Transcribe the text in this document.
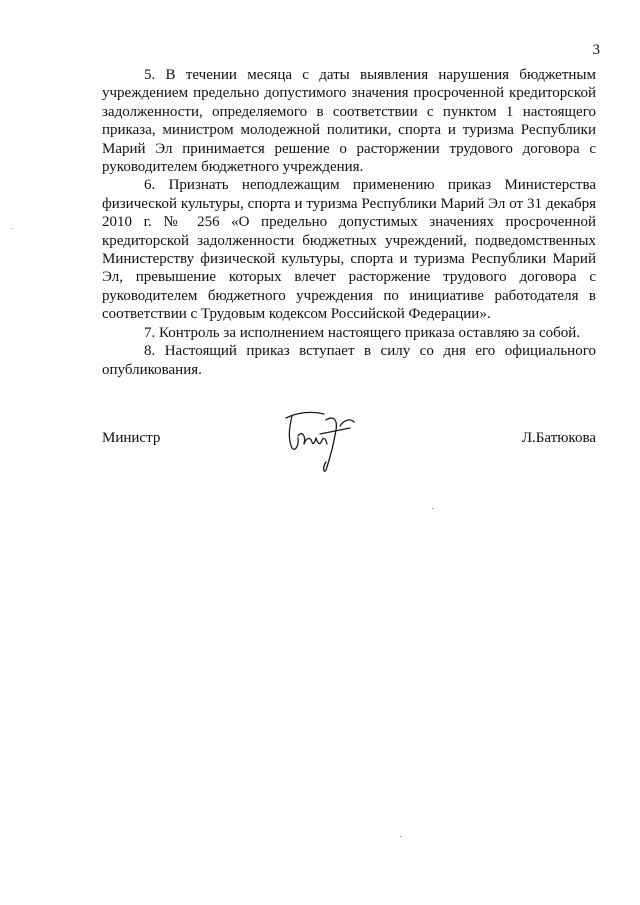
3

5. В течении месяца с даты выявления нарушения бюджетным учреждением предельно допустимого значения просроченной кредиторской задолженности, определяемого в соответствии с пунктом 1 настоящего приказа, министром молодежной политики, спорта и туризма Республики Марий Эл принимается решение о расторжении трудового договора с руководителем бюджетного учреждения.

6. Признать неподлежащим применению приказ Министерства физической культуры, спорта и туризма Республики Марий Эл от 31 декабря 2010 г. № 256 «О предельно допустимых значениях просроченной кредиторской задолженности бюджетных учреждений, подведомственных Министерству физической культуры, спорта и туризма Республики Марий Эл, превышение которых влечет расторжение трудового договора с руководителем бюджетного учреждения по инициативе работодателя в соответствии с Трудовым кодексом Российской Федерации».

7. Контроль за исполнением настоящего приказа оставляю за собой.

8. Настоящий приказ вступает в силу со дня его официального опубликования.

Министр	Л.Батюкова
